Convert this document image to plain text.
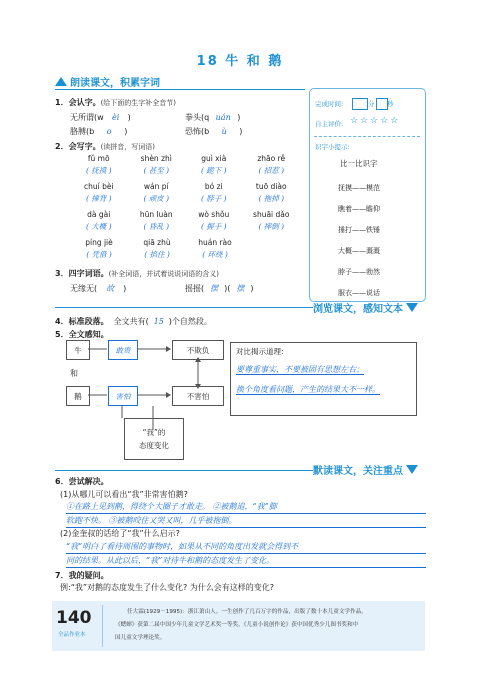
18 牛 和 鹅
朗读课文，积累字词
完成时间:	分 秒
自主评价: ☆☆☆☆☆
识字小提示:
比一比识字
抚摸——模范
瞧着——瞻仰
捶打——铁锤
大概——溉溉
脖子——勃然
服衣——说话
1．会认字。(给下面的生字补全音节)
无所谓(w èi )	拳头(q uán )
胳膊(b o )	恐怖(b ù )
2．会写字。(读拼音，写词语)
fǔ mō	shèn zhì	guì xià	zhāo rě
( 抚摸 )	( 甚至 )	( 跪下 )	( 招惹 )
chuí bèi	wán pí	bó zi	tuō diào
( 捶背 )	( 顽皮 )	( 脖子 )	( 拖掉 )
dà gài	hūn luàn	wò shǒu	shuāi dǎo
( 大概 )	( 昏乱 )	( 握手 )	( 摔倒 )
píng jiè	qiā zhù	huán rào
( 凭借 )	( 掐住 )	( 环绕 )
3．四字词语。(补全词语，并试着说说词语的含义)
无缘无( 故 )	摇摇( 摆 )( 摆 )
浏览课文，感知文本
4．标准段落。 全文共有( 15 )个自然段。
5．全文感知。
牛
和
鹅
敢贵	不欺负
害怕	不害怕
“我”的
态度变化
对比揭示道理:
要尊重事实，不要被固有思想左右；
换个角度看问题，产生的结果大不一样。
默读课文，关注重点
6．尝试解决。
(1)从哪儿可以看出“我”非常害怕鹅?
①在路上见到鹅，得绕个大圈子才敢走。 ②被鹅追，“我”脚
软跑不快。 ③被鹅咬住又哭又叫，几乎被拖倒。
(2)金奎叔的话给了“我”什么启示?
“我”明白了看待周围的事物时，如果从不同的角度出发就会得到不
同的结果。从此以后，“我”对待牛和鹅的态度发生了变化。
7．我的疑问。
例:“我”对鹅的态度发生了什么变化? 为什么会有这样的变化?
140
全品作业本
任大霖(1929－1995)：浙江萧山人。一生创作了几百万字的作品，出版了数十本儿童文学作品。
《蟋蟀》获第二届中国少年儿童文学艺术奖一等奖，《儿童小说创作论》获中国优秀少儿图书奖和中
国儿童文学理论奖。
